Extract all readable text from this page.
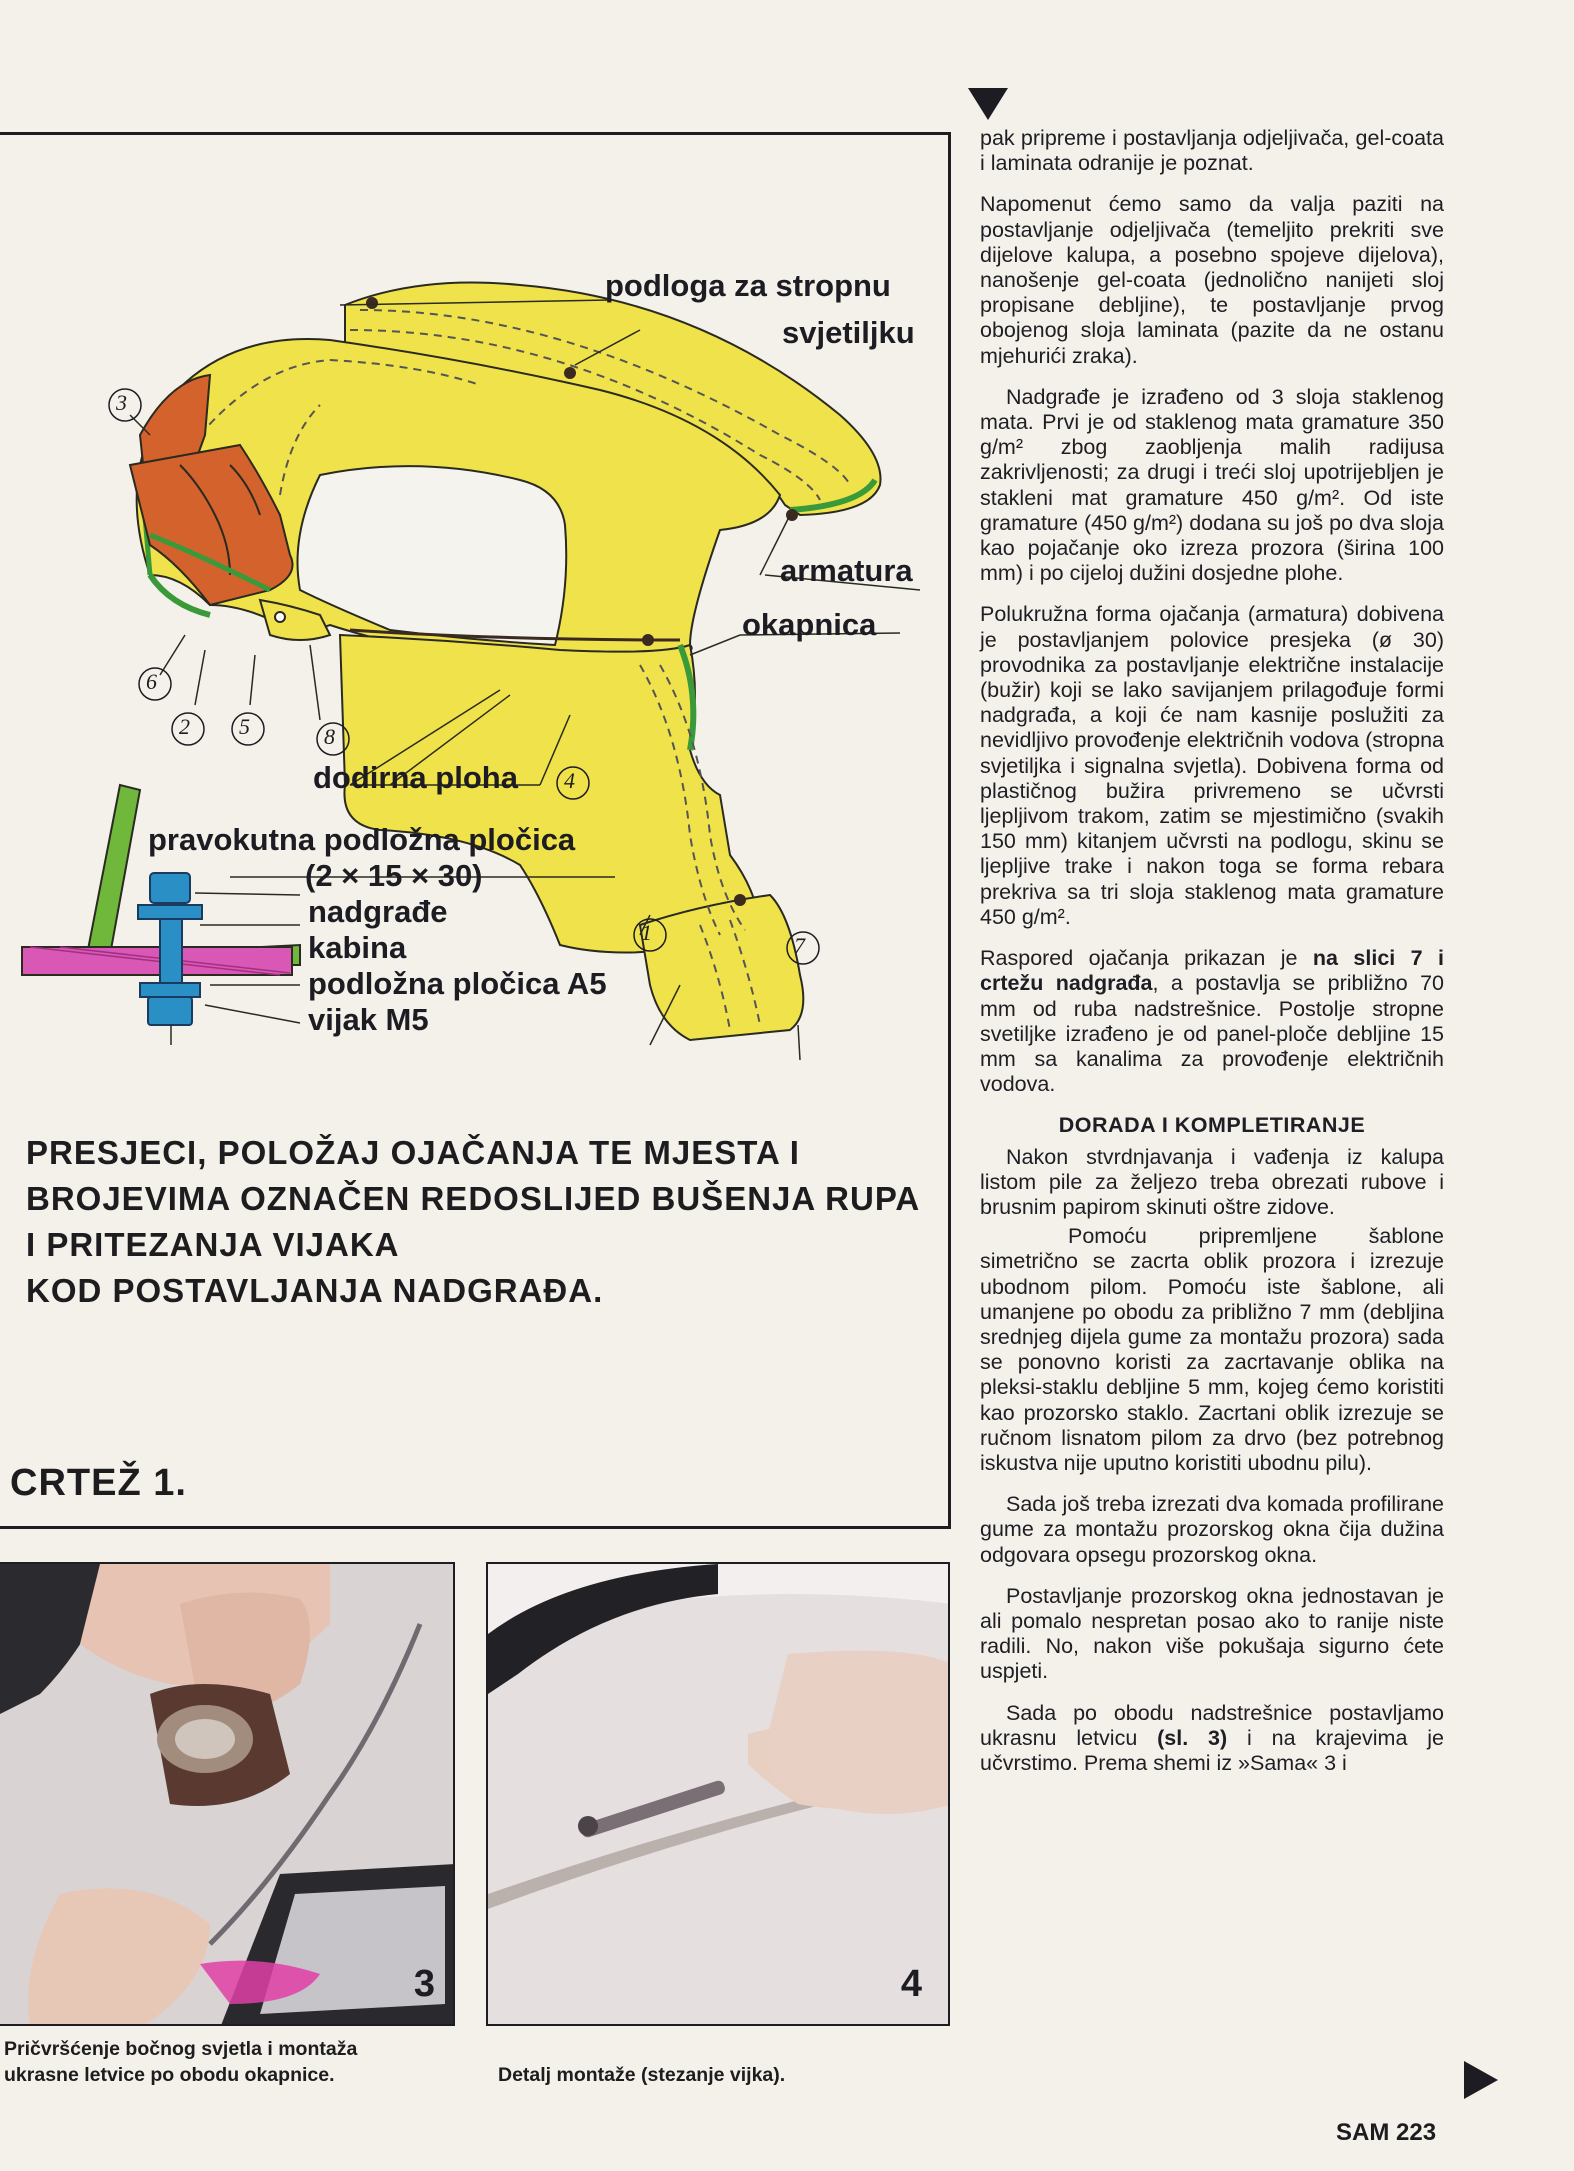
podloga za stropnu
svjetiljku
armatura
okapnica
dodirna ploha
pravokutna podložna pločica
(2 × 15 × 30)
nadgrađe
kabina
podložna pločica A5
vijak M5
3
6
2 5	8
4
1
7
PRESJECI, POLOŽAJ OJAČANJA TE MJESTA I
BROJEVIMA OZNAČEN REDOSLIJED BUŠENJA RUPA
I PRITEZANJA VIJAKA
KOD POSTAVLJANJA NADGRAĐA.
CRTEŽ 1.

pak pripreme i postavljanja odjeljivača, gel-coata i laminata odranije je poznat.

Napomenut ćemo samo da valja paziti na postavljanje odjeljivača (temeljito prekriti sve dijelove kalupa, a posebno spojeve dijelova), nanošenje gel-coata (jednolično nanijeti sloj propisane debljine), te postavljanje prvog obojenog sloja laminata (pazite da ne ostanu mjehurići zraka).

Nadgrađe je izrađeno od 3 sloja staklenog mata. Prvi je od staklenog mata gramature 350 g/m² zbog zaobljenja malih radijusa zakrivljenosti; za drugi i treći sloj upotrijebljen je stakleni mat gramature 450 g/m². Od iste gramature (450 g/m²) dodana su još po dva sloja kao pojačanje oko izreza prozora (širina 100 mm) i po cijeloj dužini dosjedne plohe.

Polukružna forma ojačanja (armatura) dobivena je postavljanjem polovice presjeka (ø 30) provodnika za postavljanje električne instalacije (bužir) koji se lako savijanjem prilagođuje formi nadgrađa, a koji će nam kasnije poslužiti za nevidljivo provođenje električnih vodova (stropna svjetiljka i signalna svjetla). Dobivena forma od plastičnog bužira privremeno se učvrsti ljepljivom trakom, zatim se mjestimično (svakih 150 mm) kitanjem učvrsti na podlogu, skinu se ljepljive trake i nakon toga se forma rebara prekriva sa tri sloja staklenog mata gramature 450 g/m².

Raspored ojačanja prikazan je na slici 7 i crtežu nadgrađa, a postavlja se približno 70 mm od ruba nadstrešnice. Postolje stropne svetiljke izrađeno je od panel-ploče debljine 15 mm sa kanalima za provođenje električnih vodova.

DORADA I KOMPLETIRANJE

Nakon stvrdnjavanja i vađenja iz kalupa listom pile za željezo treba obrezati rubove i brusnim papirom skinuti oštre zidove.

Pomoću pripremljene šablone simetrično se zacrta oblik prozora i izrezuje ubodnom pilom. Pomoću iste šablone, ali umanjene po obodu za približno 7 mm (debljina srednjeg dijela gume za montažu prozora) sada se ponovno koristi za zacrtavanje oblika na pleksi-staklu debljine 5 mm, kojeg ćemo koristiti kao prozorsko staklo. Zacrtani oblik izrezuje se ručnom lisnatom pilom za drvo (bez potrebnog iskustva nije uputno koristiti ubodnu pilu).

Sada još treba izrezati dva komada profilirane gume za montažu prozorskog okna čija dužina odgovara opsegu prozorskog okna.

Postavljanje prozorskog okna jednostavan je ali pomalo nespretan posao ako to ranije niste radili. No, nakon više pokušaja sigurno ćete uspjeti.

Sada po obodu nadstrešnice postavljamo ukrasnu letvicu (sl. 3) i na krajevima je učvrstimo. Prema shemi iz »Sama« 3 i

3	4
Pričvršćenje bočnog svjetla i montaža
ukrasne letvice po obodu okapnice.	Detalj montaže (stezanje vijka).
SAM 223
